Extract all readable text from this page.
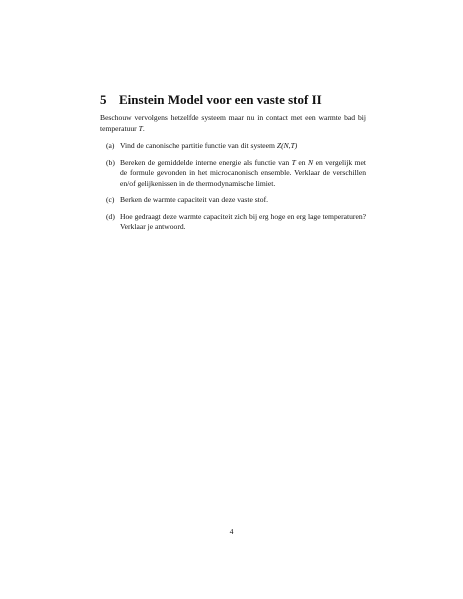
5 Einstein Model voor een vaste stof II

Beschouw vervolgens hetzelfde systeem maar nu in contact met een warmte bad bij temperatuur T.

(a) Vind de canonische partitie functie van dit systeem Z(N,T)
(b) Bereken de gemiddelde interne energie als functie van T en N en vergelijk met de formule gevonden in het microcanonisch ensemble. Verklaar de verschillen en/of gelijkenissen in de thermodynamische limiet.
(c) Berken de warmte capaciteit van deze vaste stof.
(d) Hoe gedraagt deze warmte capaciteit zich bij erg hoge en erg lage temperaturen? Verklaar je antwoord.
4
